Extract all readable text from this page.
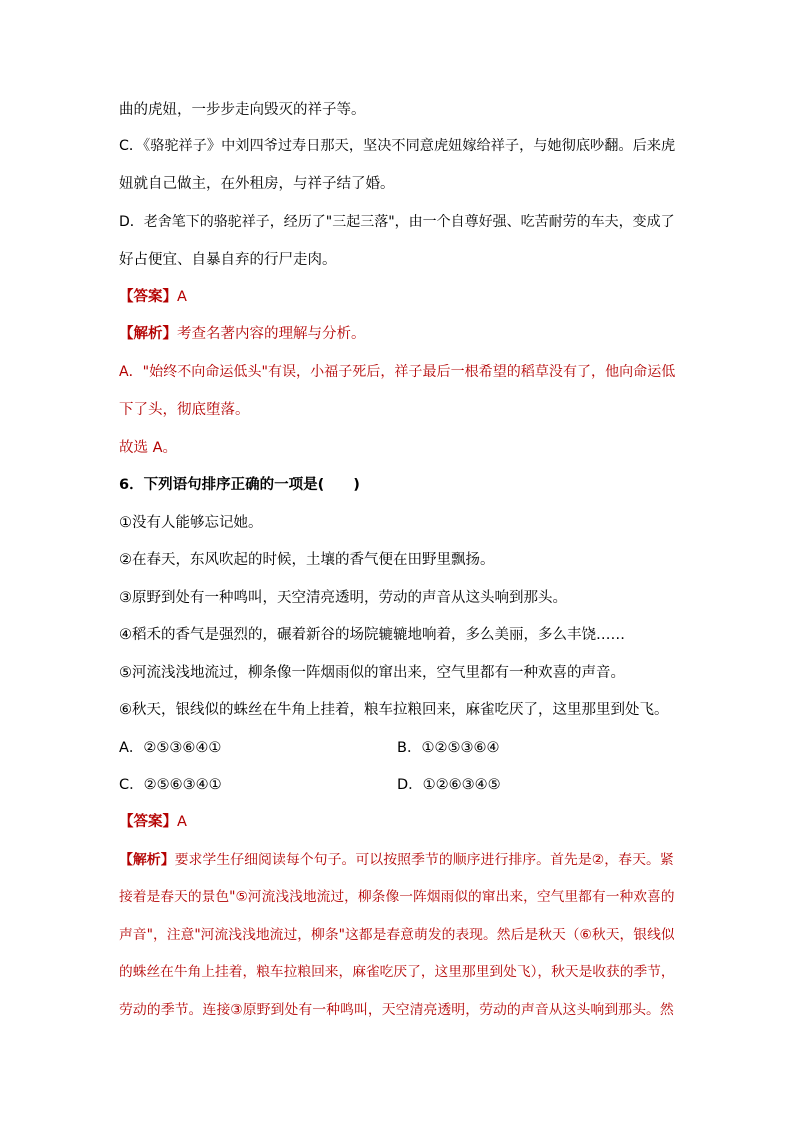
曲的虎妞，一步步走向毁灭的祥子等。
C．《骆驼祥子》中刘四爷过寿日那天，坚决不同意虎妞嫁给祥子，与她彻底吵翻。后来虎
妞就自己做主，在外租房，与祥子结了婚。
D．老舍笔下的骆驼祥子，经历了"三起三落"，由一个自尊好强、吃苦耐劳的车夫，变成了
好占便宜、自暴自弃的行尸走肉。
【答案】A
【解析】考查名著内容的理解与分析。
A．"始终不向命运低头"有误，小福子死后，祥子最后一根希望的稻草没有了，他向命运低
下了头，彻底堕落。
故选 A。
6．下列语句排序正确的一项是(　　)
①没有人能够忘记她。
②在春天，东风吹起的时候，土壤的香气便在田野里飘扬。
③原野到处有一种鸣叫，天空清亮透明，劳动的声音从这头响到那头。
④稻禾的香气是强烈的，碾着新谷的场院辘辘地响着，多么美丽，多么丰饶……
⑤河流浅浅地流过，柳条像一阵烟雨似的窜出来，空气里都有一种欢喜的声音。
⑥秋天，银线似的蛛丝在牛角上挂着，粮车拉粮回来，麻雀吃厌了，这里那里到处飞。
A．②⑤③⑥④①	B．①②⑤③⑥④
C．②⑤⑥③④①	D．①②⑥③④⑤
【答案】A
【解析】要求学生仔细阅读每个句子。可以按照季节的顺序进行排序。首先是②，春天。紧
接着是春天的景色"⑤河流浅浅地流过，柳条像一阵烟雨似的窜出来，空气里都有一种欢喜的
声音"，注意"河流浅浅地流过，柳条"这都是春意萌发的表现。然后是秋天（⑥秋天，银线似
的蛛丝在牛角上挂着，粮车拉粮回来，麻雀吃厌了，这里那里到处飞），秋天是收获的季节，
劳动的季节。连接③原野到处有一种鸣叫，天空清亮透明，劳动的声音从这头响到那头。然
